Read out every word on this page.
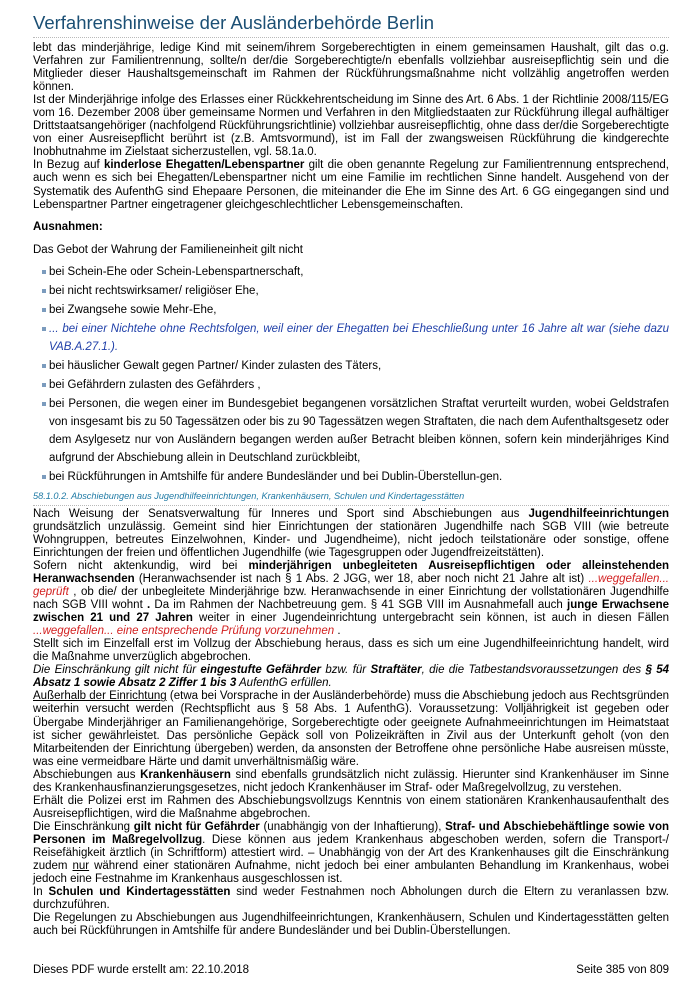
Verfahrenshinweise der Ausländerbehörde Berlin

lebt das minderjährige, ledige Kind mit seinem/ihrem Sorgeberechtigten in einem gemeinsamen Haushalt, gilt das o.g. Verfahren zur Familientrennung, sollte/n der/die Sorgeberechtigte/n ebenfalls vollziehbar ausreisepflichtig sein und die Mitglieder dieser Haushaltsgemeinschaft im Rahmen der Rückführungsmaßnahme nicht vollzählig angetroffen werden können.

Ist der Minderjährige infolge des Erlasses einer Rückkehrentscheidung im Sinne des Art. 6 Abs. 1 der Richtlinie 2008/115/EG vom 16. Dezember 2008 über gemeinsame Normen und Verfahren in den Mitgliedstaaten zur Rückführung illegal aufhältiger Drittstaatsangehöriger (nachfolgend Rückführungsrichtlinie) vollziehbar ausreisepflichtig, ohne dass der/die Sorgeberechtigte von einer Ausreisepflicht berührt ist (z.B. Amtsvormund), ist im Fall der zwangsweisen Rückführung die kindgerechte Inobhutnahme im Zielstaat sicherzustellen, vgl. 58.1a.0.

In Bezug auf kinderlose Ehegatten/Lebenspartner gilt die oben genannte Regelung zur Familientrennung entsprechend, auch wenn es sich bei Ehegatten/Lebenspartner nicht um eine Familie im rechtlichen Sinne handelt. Ausgehend von der Systematik des AufenthG sind Ehepaare Personen, die miteinander die Ehe im Sinne des Art. 6 GG eingegangen sind und Lebenspartner Partner eingetragener gleichgeschlechtlicher Lebensgemeinschaften.

Ausnahmen:

Das Gebot der Wahrung der Familieneinheit gilt nicht

bei Schein-Ehe oder Schein-Lebenspartnerschaft,
bei nicht rechtswirksamer/ religiöser Ehe,
bei Zwangsehe sowie Mehr-Ehe,
... bei einer Nichtehe ohne Rechtsfolgen, weil einer der Ehegatten bei Eheschließung unter 16 Jahre alt war (siehe dazu VAB.A.27.1.).
bei häuslicher Gewalt gegen Partner/ Kinder zulasten des Täters,
bei Gefährdern zulasten des Gefährders ,
bei Personen, die wegen einer im Bundesgebiet begangenen vorsätzlichen Straftat verurteilt wurden, wobei Geldstrafen von insgesamt bis zu 50 Tagessätzen oder bis zu 90 Tagessätzen wegen Straftaten, die nach dem Aufenthaltsgesetz oder dem Asylgesetz nur von Ausländern begangen werden außer Betracht bleiben können, sofern kein minderjähriges Kind aufgrund der Abschiebung allein in Deutschland zurückbleibt,
bei Rückführungen in Amtshilfe für andere Bundesländer und bei Dublin-Überstellun-gen.

58.1.0.2. Abschiebungen aus Jugendhilfeeinrichtungen, Krankenhäusern, Schulen und Kindertagesstätten

Nach Weisung der Senatsverwaltung für Inneres und Sport sind Abschiebungen aus Jugendhilfeeinrichtungen grundsätzlich unzulässig. Gemeint sind hier Einrichtungen der stationären Jugendhilfe nach SGB VIII (wie betreute Wohngruppen, betreutes Einzelwohnen, Kinder- und Jugendheime), nicht jedoch teilstationäre oder sonstige, offene Einrichtungen der freien und öffentlichen Jugendhilfe (wie Tagesgruppen oder Jugendfreizeitstätten).

Sofern nicht aktenkundig, wird bei minderjährigen unbegleiteten Ausreisepflichtigen oder alleinstehenden Heranwachsenden (Heranwachsender ist nach § 1 Abs. 2 JGG, wer 18, aber noch nicht 21 Jahre alt ist) ...weggefallen... geprüft , ob die/ der unbegleitete Minderjährige bzw. Heranwachsende in einer Einrichtung der vollstationären Jugendhilfe nach SGB VIII wohnt . Da im Rahmen der Nachbetreuung gem. § 41 SGB VIII im Ausnahmefall auch junge Erwachsene zwischen 21 und 27 Jahren weiter in einer Jugendeinrichtung untergebracht sein können, ist auch in diesen Fällen ...weggefallen... eine entsprechende Prüfung vorzunehmen .

Stellt sich im Einzelfall erst im Vollzug der Abschiebung heraus, dass es sich um eine Jugendhilfeeinrichtung handelt, wird die Maßnahme unverzüglich abgebrochen.

Die Einschränkung gilt nicht für eingestufte Gefährder bzw. für Straftäter, die die Tatbestandsvoraussetzungen des § 54 Absatz 1 sowie Absatz 2 Ziffer 1 bis 3 AufenthG erfüllen.

Außerhalb der Einrichtung (etwa bei Vorsprache in der Ausländerbehörde) muss die Abschiebung jedoch aus Rechtsgründen weiterhin versucht werden (Rechtspflicht aus § 58 Abs. 1 AufenthG). Voraussetzung: Volljährigkeit ist gegeben oder Übergabe Minderjähriger an Familienangehörige, Sorgeberechtigte oder geeignete Aufnahmeeinrichtungen im Heimatstaat ist sicher gewährleistet. Das persönliche Gepäck soll von Polizeikräften in Zivil aus der Unterkunft geholt (von den Mitarbeitenden der Einrichtung übergeben) werden, da ansonsten der Betroffene ohne persönliche Habe ausreisen müsste, was eine vermeidbare Härte und damit unverhältnismäßig wäre.

Abschiebungen aus Krankenhäusern sind ebenfalls grundsätzlich nicht zulässig. Hierunter sind Krankenhäuser im Sinne des Krankenhausfinanzierungsgesetzes, nicht jedoch Krankenhäuser im Straf- oder Maßregelvollzug, zu verstehen.

Erhält die Polizei erst im Rahmen des Abschiebungsvollzugs Kenntnis von einem stationären Krankenhausaufenthalt des Ausreisepflichtigen, wird die Maßnahme abgebrochen.

Die Einschränkung gilt nicht für Gefährder (unabhängig von der Inhaftierung), Straf- und Abschiebehäftlinge sowie von Personen im Maßregelvollzug. Diese können aus jedem Krankenhaus abgeschoben werden, sofern die Transport-/ Reisefähigkeit ärztlich (in Schriftform) attestiert wird. – Unabhängig von der Art des Krankenhauses gilt die Einschränkung zudem nur während einer stationären Aufnahme, nicht jedoch bei einer ambulanten Behandlung im Krankenhaus, wobei jedoch eine Festnahme im Krankenhaus ausgeschlossen ist.

In Schulen und Kindertagesstätten sind weder Festnahmen noch Abholungen durch die Eltern zu veranlassen bzw. durchzuführen.

Die Regelungen zu Abschiebungen aus Jugendhilfeeinrichtungen, Krankenhäusern, Schulen und Kindertagesstätten gelten auch bei Rückführungen in Amtshilfe für andere Bundesländer und bei Dublin-Überstellungen.

Dieses PDF wurde erstellt am: 22.10.2018	Seite 385 von 809
